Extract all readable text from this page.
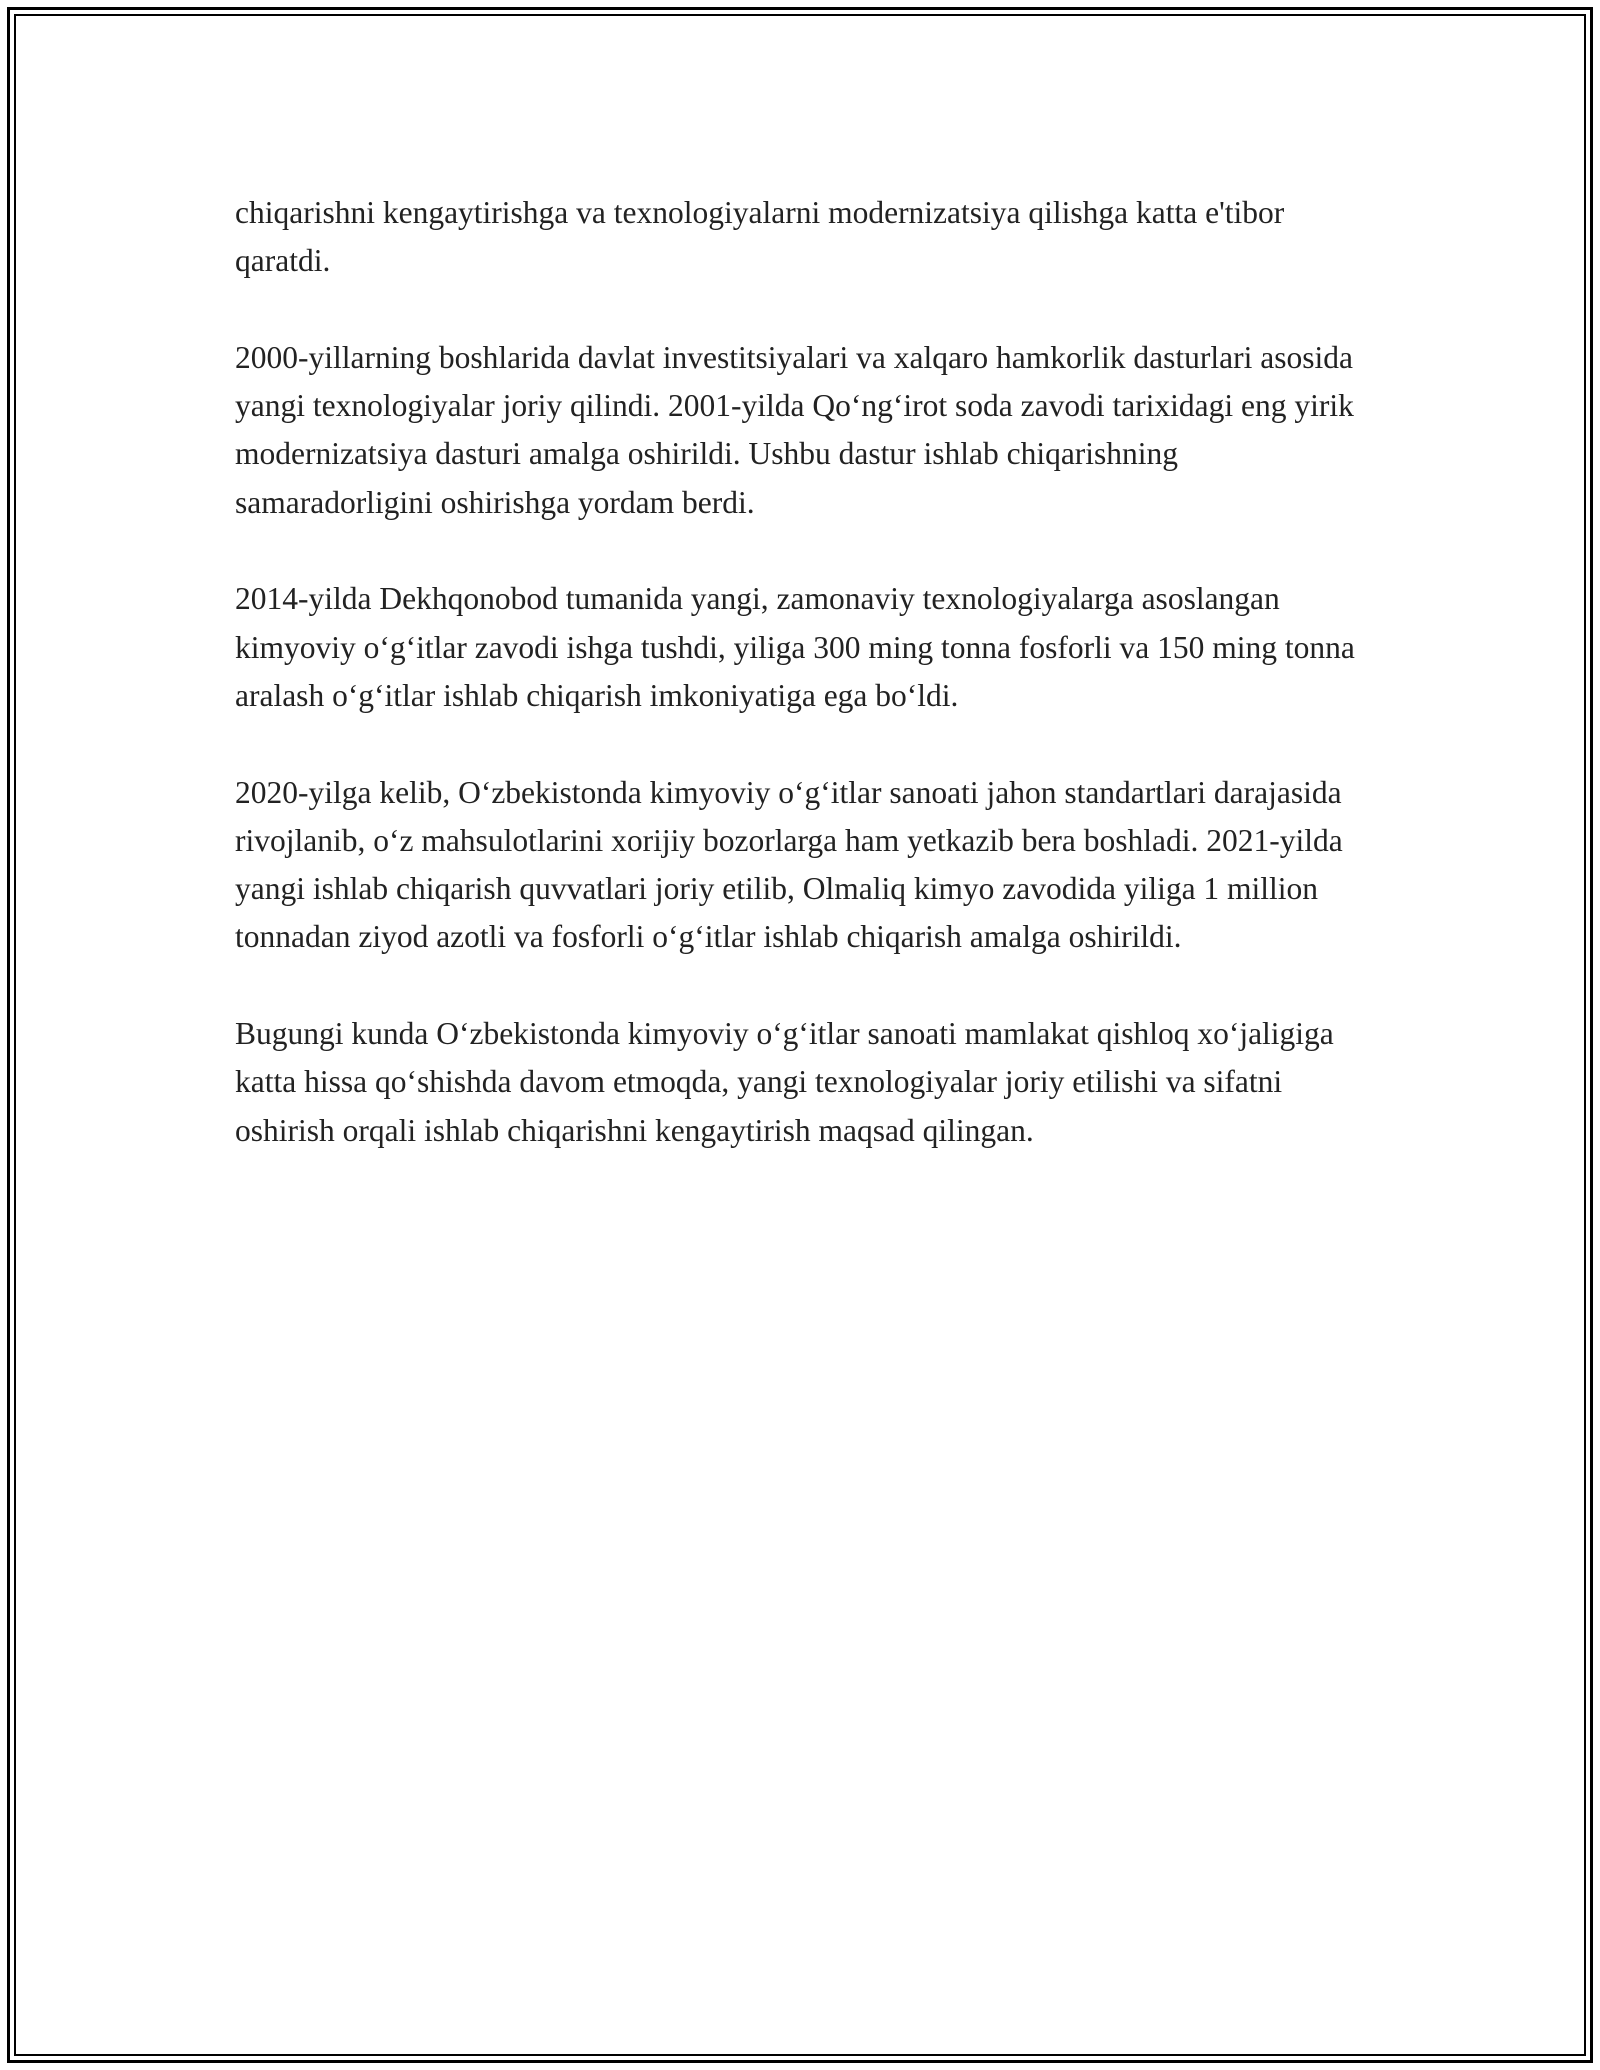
chiqarishni kengaytirishga va texnologiyalarni modernizatsiya qilishga katta e'tibor qaratdi.

2000-yillarning boshlarida davlat investitsiyalari va xalqaro hamkorlik dasturlari asosida yangi texnologiyalar joriy qilindi. 2001-yilda Qoʻngʻirot soda zavodi tarixidagi eng yirik modernizatsiya dasturi amalga oshirildi. Ushbu dastur ishlab chiqarishning samaradorligini oshirishga yordam berdi.

2014-yilda Dekhqonobod tumanida yangi, zamonaviy texnologiyalarga asoslangan kimyoviy oʻgʻitlar zavodi ishga tushdi, yiliga 300 ming tonna fosforli va 150 ming tonna aralash oʻgʻitlar ishlab chiqarish imkoniyatiga ega boʻldi.

2020-yilga kelib, Oʻzbekistonda kimyoviy oʻgʻitlar sanoati jahon standartlari darajasida rivojlanib, oʻz mahsulotlarini xorijiy bozorlarga ham yetkazib bera boshladi. 2021-yilda yangi ishlab chiqarish quvvatlari joriy etilib, Olmaliq kimyo zavodida yiliga 1 million tonnadan ziyod azotli va fosforli oʻgʻitlar ishlab chiqarish amalga oshirildi.

Bugungi kunda Oʻzbekistonda kimyoviy oʻgʻitlar sanoati mamlakat qishloq xoʻjaligiga katta hissa qoʻshishda davom etmoqda, yangi texnologiyalar joriy etilishi va sifatni oshirish orqali ishlab chiqarishni kengaytirish maqsad qilingan.
